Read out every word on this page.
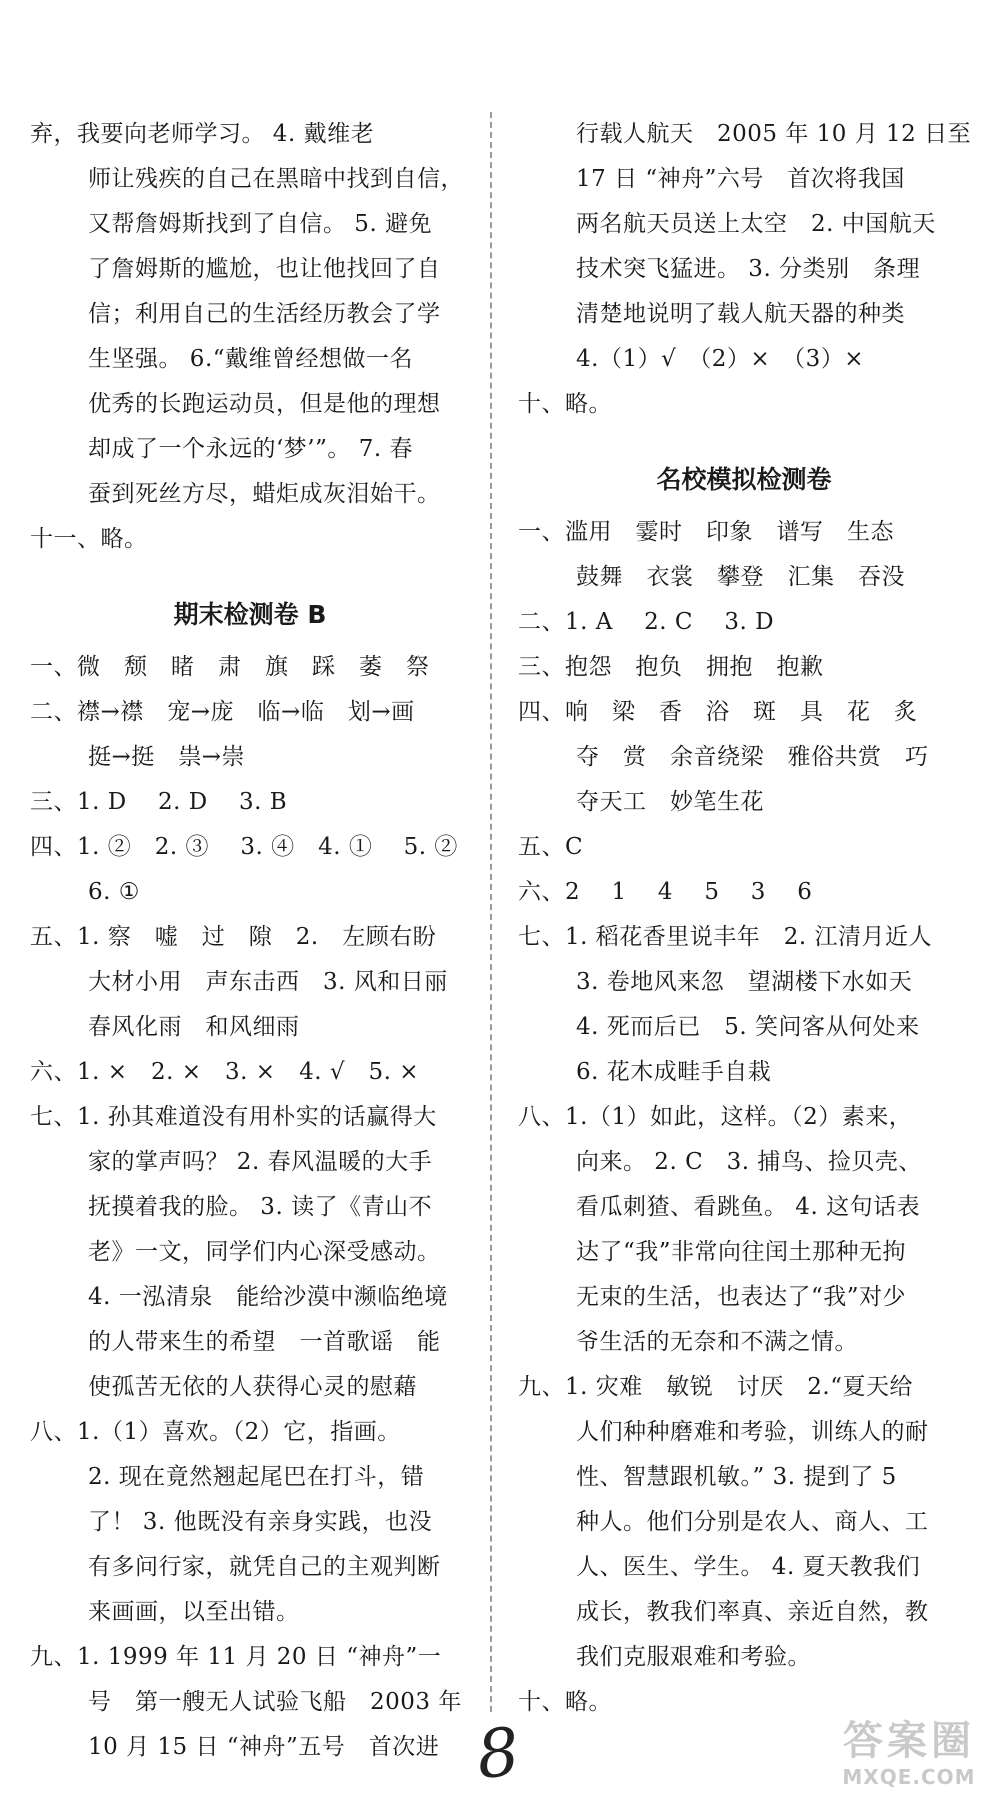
弃，我要向老师学习。 4. 戴维老
师让残疾的自己在黑暗中找到自信，
又帮詹姆斯找到了自信。 5. 避免
了詹姆斯的尴尬，也让他找回了自
信；利用自己的生活经历教会了学
生坚强。 6.“戴维曾经想做一名
优秀的长跑运动员，但是他的理想
却成了一个永远的‘梦’”。 7. 春
蚕到死丝方尽，蜡炬成灰泪始干。
十一、略。
期末检测卷 B
一、微　颓　睹　肃　旗　踩　萎　祭
二、襟→襟　宠→庞　临→临　划→画
挺→挺　祟→崇
三、1. D　 2. D　 3. B
四、1. ②　2. ③　 3. ④　4. ①　 5. ②
6. ①
五、1. 察　嘘　过　隙　2.　左顾右盼
大材小用　声东击西　3. 风和日丽
春风化雨　和风细雨
六、1. ×　2. ×　3. ×　4. √　5. ×
七、1. 孙其难道没有用朴实的话赢得大
家的掌声吗？ 2. 春风温暖的大手
抚摸着我的脸。 3. 读了《青山不
老》一文，同学们内心深受感动。
4. 一泓清泉　能给沙漠中濒临绝境
的人带来生的希望　一首歌谣　能
使孤苦无依的人获得心灵的慰藉
八、1.（1）喜欢。（2）它，指画。
2. 现在竟然翘起尾巴在打斗，错
了！ 3. 他既没有亲身实践，也没
有多问行家，就凭自己的主观判断
来画画，以至出错。
九、1. 1999 年 11 月 20 日 “神舟”一
号　第一艘无人试验飞船　2003 年
10 月 15 日 “神舟”五号　首次进
行载人航天　2005 年 10 月 12 日至
17 日 “神舟”六号　首次将我国
两名航天员送上太空　2. 中国航天
技术突飞猛进。 3. 分类别　条理
清楚地说明了载人航天器的种类
4.（1）√　（2）×　（3）×
十、略。
名校模拟检测卷
一、滥用　霎时　印象　谱写　生态
鼓舞　衣裳　攀登　汇集　吞没
二、1. A　 2. C　 3. D
三、抱怨　抱负　拥抱　抱歉
四、响　梁　香　浴　斑　具　花　炙
夺　赏　余音绕梁　雅俗共赏　巧
夺天工　妙笔生花
五、C
六、2　 1　 4　 5　 3　 6
七、1. 稻花香里说丰年　2. 江清月近人
3. 卷地风来忽　望湖楼下水如天
4. 死而后已　5. 笑问客从何处来
6. 花木成畦手自栽
八、1.（1）如此，这样。（2）素来，
向来。 2. C　3. 捕鸟、捡贝壳、
看瓜刺猹、看跳鱼。 4. 这句话表
达了“我”非常向往闰土那种无拘
无束的生活，也表达了“我”对少
爷生活的无奈和不满之情。
九、1. 灾难　敏锐　讨厌　2.“夏天给
人们种种磨难和考验，训练人的耐
性、智慧跟机敏。” 3. 提到了 5
种人。他们分别是农人、商人、工
人、医生、学生。 4. 夏天教我们
成长，教我们率真、亲近自然，教
我们克服艰难和考验。
十、略。
8	答案圈
MXQE.COM
